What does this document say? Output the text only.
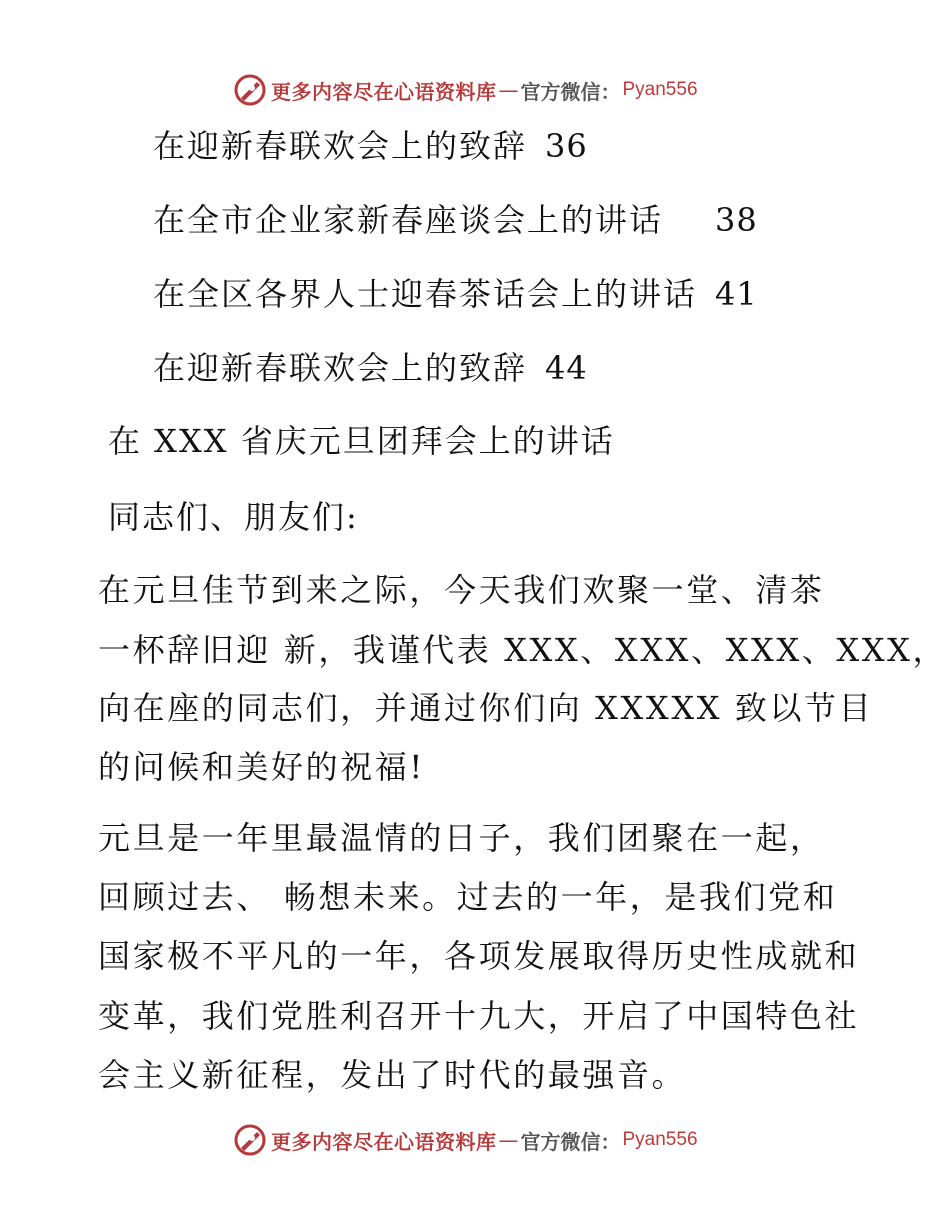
更多内容尽在心语资料库 — 官方微信： Pyan556
在迎新春联欢会上的致辞 36
在全市企业家新春座谈会上的讲话 38
在全区各界人士迎春茶话会上的讲话 41
在迎新春联欢会上的致辞 44
在 XXX 省庆元旦团拜会上的讲话
同志们、朋友们:
在元旦佳节到来之际，今天我们欢聚一堂、清茶
一杯辞旧迎 新，我谨代表 XXX、XXX、XXX、XXX，
向在座的同志们，并通过你们向 XXXXX 致以节目
的问候和美好的祝福!
元旦是一年里最温情的日子，我们团聚在一起，
回顾过去、 畅想未来。过去的一年，是我们党和
国家极不平凡的一年，各项发展取得历史性成就和
变革，我们党胜利召开十九大，开启了中国特色社
会主义新征程，发出了时代的最强音。
更多内容尽在心语资料库 — 官方微信： Pyan556
